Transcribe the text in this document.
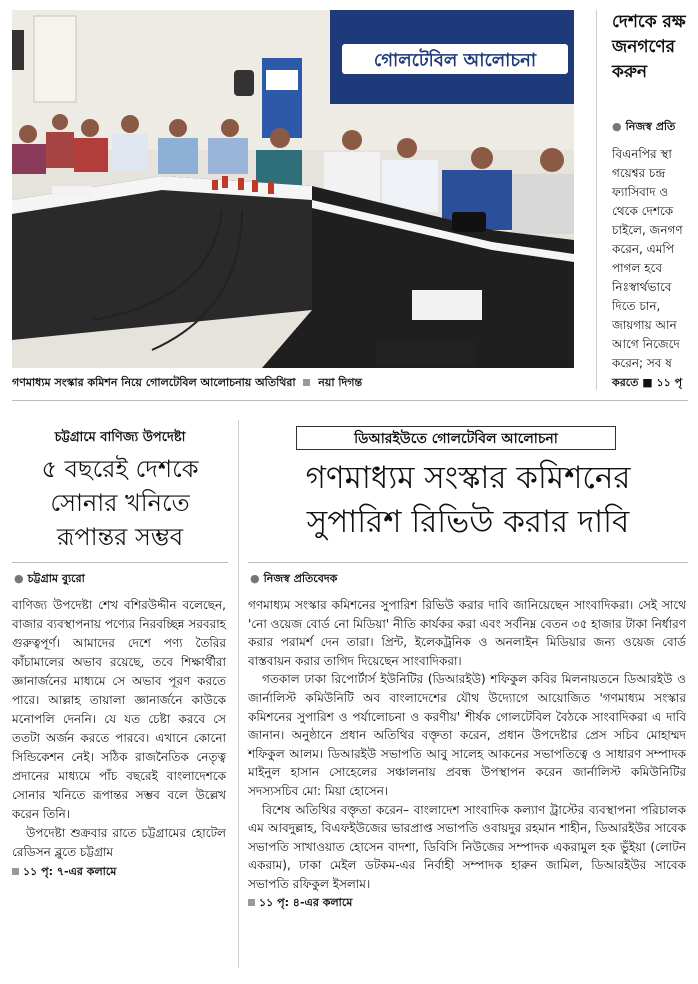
গোলটেবিল আলোচনা
গণমাধ্যম সংস্কার কমিশন নিয়ে গোলটেবিল আলোচনায় অতিথিরা নয়া দিগন্ত
দেশকে রক্ষ
জনগণের
করুন
● নিজস্ব প্রতি

বিএনপির স্থা

গয়েশ্বর চন্দ্র

ফ্যাসিবাদ ও

থেকে দেশকে

চাইলে, জনগণ

করেন, এমপি

পাগল হবে

নিঃস্বার্থভাবে

দিতে চান,

জায়গায় আন

আগে নিজেদে

করেন; সব ষ

করতে ■ ১১ পৃ

চট্টগ্রামে বাণিজ্য উপদেষ্টা
৫ বছরেই দেশকে
সোনার খনিতে
রূপান্তর সম্ভব
● চট্টগ্রাম ব্যুরো

বাণিজ্য উপদেষ্টা শেখ বশিরউদ্দীন বলেছেন, বাজার ব্যবস্থাপনায় পণ্যের নিরবচ্ছিন্ন সরবরাহ গুরুত্বপূর্ণ। আমাদের দেশে পণ্য তৈরির কাঁচামালের অভাব রয়েছে, তবে শিক্ষার্থীরা জ্ঞানার্জনের মাধ্যমে সে অভাব পূরণ করতে পারে। আল্লাহ তায়ালা জ্ঞানার্জনে কাউকে মনোপলি দেননি। যে যত চেষ্টা করবে সে ততটা অর্জন করতে পারবে। এখানে কোনো সিন্ডিকেশন নেই। সঠিক রাজনৈতিক নেতৃত্ব প্রদানের মাধ্যমে পাঁচ বছরেই বাংলাদেশকে সোনার খনিতে রূপান্তর সম্ভব বলে উল্লেখ করেন তিনি।

উপদেষ্টা শুক্রবার রাতে চট্টগ্রামের হোটেল রেডিসন ব্লুতে চট্টগ্রাম

১১ পৃ: ৭-এর কলামে

ডিআরইউতে গোলটেবিল আলোচনা
গণমাধ্যম সংস্কার কমিশনের
সুপারিশ রিভিউ করার দাবি
● নিজস্ব প্রতিবেদক

গণমাধ্যম সংস্কার কমিশনের সুপারিশ রিভিউ করার দাবি জানিয়েছেন সাংবাদিকরা। সেই সাথে 'নো ওয়েজ বোর্ড নো মিডিয়া' নীতি কার্যকর করা এবং সর্বনিম্ন বেতন ৩৫ হাজার টাকা নির্ধারণ করার পরামর্শ দেন তারা। প্রিন্ট, ইলেকট্রনিক ও অনলাইন মিডিয়ার জন্য ওয়েজ বোর্ড বাস্তবায়ন করার তাগিদ দিয়েছেন সাংবাদিকরা।

গতকাল ঢাকা রিপোর্টার্স ইউনিটির (ডিআরইউ) শফিকুল কবির মিলনায়তনে ডিআরইউ ও জার্নালিস্ট কমিউনিটি অব বাংলাদেশের যৌথ উদ্যোগে আয়োজিত 'গণমাধ্যম সংস্কার কমিশনের সুপারিশ ও পর্যালোচনা ও করণীয়' শীর্ষক গোলটেবিল বৈঠকে সাংবাদিকরা এ দাবি জানান। অনুষ্ঠানে প্রধান অতিথির বক্তৃতা করেন, প্রধান উপদেষ্টার প্রেস সচিব মোহাম্মদ শফিকুল আলম। ডিআরইউ সভাপতি আবু সালেহ আকনের সভাপতিত্বে ও সাধারণ সম্পাদক মাইনুল হাসান সোহেলের সঞ্চালনায় প্রবন্ধ উপস্থাপন করেন জার্নালিস্ট কমিউনিটির সদস্যসচিব মো: মিয়া হোসেন।

বিশেষ অতিথির বক্তৃতা করেন– বাংলাদেশ সাংবাদিক কল্যাণ ট্রাস্টের ব্যবস্থাপনা পরিচালক এম আবদুল্লাহ, বিএফইউজের ভারপ্রাপ্ত সভাপতি ওবায়দুর রহমান শাহীন, ডিআরইউর সাবেক সভাপতি সাখাওয়াত হোসেন বাদশা, ডিবিসি নিউজের সম্পাদক একরামুল হক ভুঁইয়া (লোটন একরাম), ঢাকা মেইল ডটকম-এর নির্বাহী সম্পাদক হারুন জামিল, ডিআরইউর সাবেক সভাপতি রফিকুল ইসলাম।

১১ পৃ: ৪-এর কলামে
